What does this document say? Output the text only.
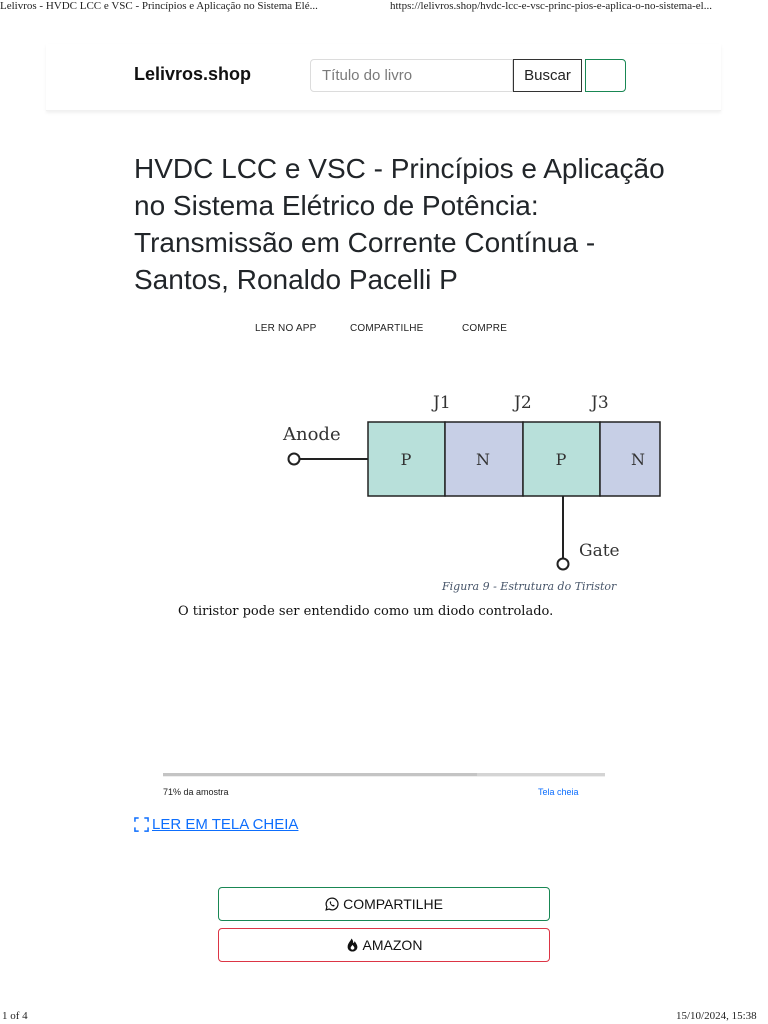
Lelivros - HVDC LCC e VSC - Princípios e Aplicação no Sistema Elé...	https://lelivros.shop/hvdc-lcc-e-vsc-princ-pios-e-aplica-o-no-sistema-el...
Lelivros.shop
Título do livro	Buscar
HVDC LCC e VSC - Princípios e Aplicação no Sistema Elétrico de Potência: Transmissão em Corrente Contínua - Santos, Ronaldo Pacelli P
LER NO APP	COMPARTILHE	COMPRE
J1	J2	J3
Anode
Gate
P	N	P	N
Figura 9 - Estrutura do Tiristor
O tiristor pode ser entendido como um diodo controlado.
71% da amostra	Tela cheia
LER EM TELA CHEIA
COMPARTILHE
AMAZON
1 of 4	15/10/2024, 15:38
